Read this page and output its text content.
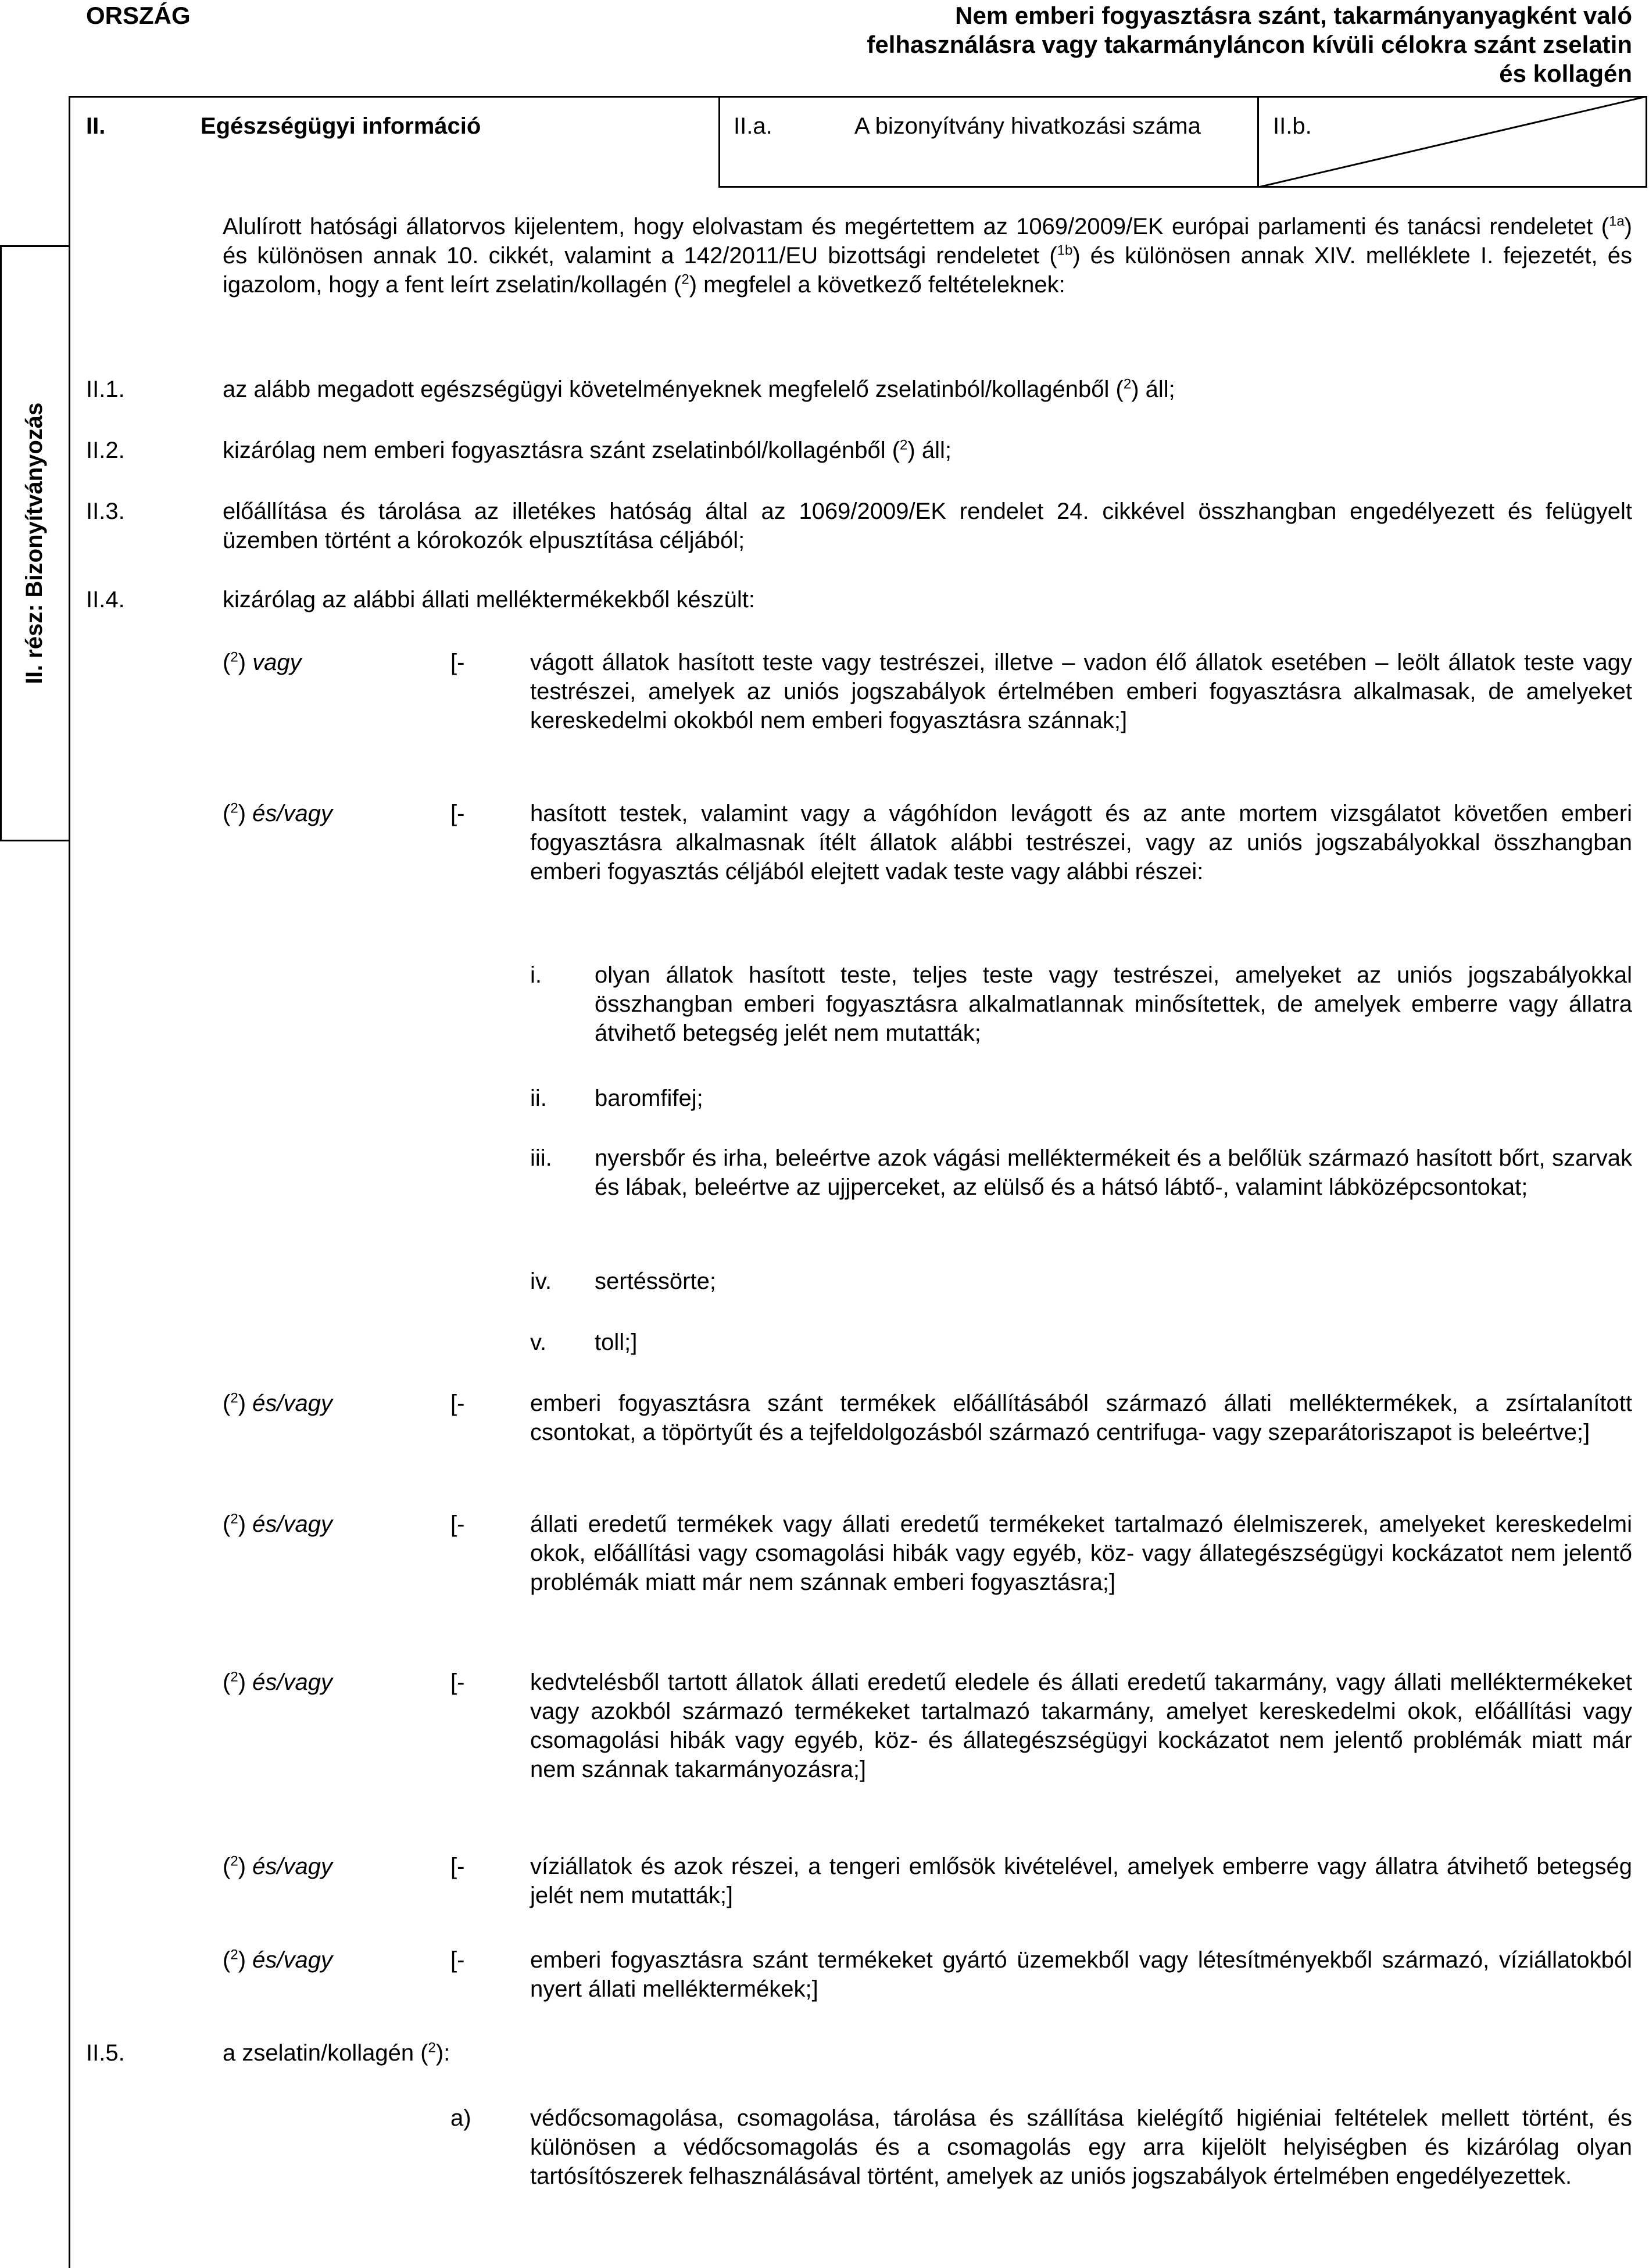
ORSZÁG	Nem emberi fogyasztásra szánt, takarmányanyagként való felhasználásra vagy takarmányláncon kívüli célokra szánt zselatin és kollagén
II.	Egészségügyi információ	II.a.	A bizonyítvány hivatkozási száma	II.b.
II. rész: Bizonyítványozás
Alulírott hatósági állatorvos kijelentem, hogy elolvastam és megértettem az 1069/2009/EK európai parlamenti és tanácsi rendeletet ($^{1a}$) és különösen annak 10. cikkét, valamint a 142/2011/EU bizottsági rendeletet ($^{1b}$) és különösen annak XIV. melléklete I. fejezetét, és igazolom, hogy a fent leírt zselatin/kollagén ($^2$) megfelel a következő feltételeknek:
II.1.	az alább megadott egészségügyi követelményeknek megfelelő zselatinból/kollagénből ($^2$) áll;
II.2.	kizárólag nem emberi fogyasztásra szánt zselatinból/kollagénből ($^2$) áll;
II.3.	előállítása és tárolása az illetékes hatóság által az 1069/2009/EK rendelet 24. cikkével összhangban engedélyezett és felügyelt üzemben történt a kórokozók elpusztítása céljából;
II.4.	kizárólag az alábbi állati melléktermékekből készült:
($^2$) vagy	[-	vágott állatok hasított teste vagy testrészei, illetve – vadon élő állatok esetében – leölt állatok teste vagy testrészei, amelyek az uniós jogszabályok értelmében emberi fogyasztásra alkalmasak, de amelyeket kereskedelmi okokból nem emberi fogyasztásra szánnak;]
($^2$) és/vagy	[-	hasított testek, valamint vagy a vágóhídon levágott és az ante mortem vizsgálatot követően emberi fogyasztásra alkalmasnak ítélt állatok alábbi testrészei, vagy az uniós jogszabályokkal összhangban emberi fogyasztás céljából elejtett vadak teste vagy alábbi részei:
i. olyan állatok hasított teste, teljes teste vagy testrészei, amelyeket az uniós jogszabályokkal összhangban emberi fogyasztásra alkalmatlannak minősítettek, de amelyek emberre vagy állatra átvihető betegség jelét nem mutatták;
ii. baromfifej;
iii. nyersbőr és irha, beleértve azok vágási melléktermékeit és a belőlük származó hasított bőrt, szarvak és lábak, beleértve az ujjperceket, az elülső és a hátsó lábtő-, valamint lábközépcsontokat;
iv. sertéssörte;
v. toll;]
($^2$) és/vagy	[-	emberi fogyasztásra szánt termékek előállításából származó állati melléktermékek, a zsírtalanított csontokat, a töpörtyűt és a tejfeldolgozásból származó centrifuga- vagy szeparátoriszapot is beleértve;]
($^2$) és/vagy	[-	állati eredetű termékek vagy állati eredetű termékeket tartalmazó élelmiszerek, amelyeket kereskedelmi okok, előállítási vagy csomagolási hibák vagy egyéb, köz- vagy állategészségügyi kockázatot nem jelentő problémák miatt már nem szánnak emberi fogyasztásra;]
($^2$) és/vagy	[-	kedvtelésből tartott állatok állati eredetű eledele és állati eredetű takarmány, vagy állati melléktermékeket vagy azokból származó termékeket tartalmazó takarmány, amelyet kereskedelmi okok, előállítási vagy csomagolási hibák vagy egyéb, köz- és állategészségügyi kockázatot nem jelentő problémák miatt már nem szánnak takarmányozásra;]
($^2$) és/vagy	[-	víziállatok és azok részei, a tengeri emlősök kivételével, amelyek emberre vagy állatra átvihető betegség jelét nem mutatták;]
($^2$) és/vagy	[-	emberi fogyasztásra szánt termékeket gyártó üzemekből vagy létesítményekből származó, víziállatokból nyert állati melléktermékek;]
II.5.	a zselatin/kollagén ($^2$):
a)	védőcsomagolása, csomagolása, tárolása és szállítása kielégítő higiéniai feltételek mellett történt, és különösen a védőcsomagolás és a csomagolás egy arra kijelölt helyiségben és kizárólag olyan tartósítószerek felhasználásával történt, amelyek az uniós jogszabályok értelmében engedélyezettek.
